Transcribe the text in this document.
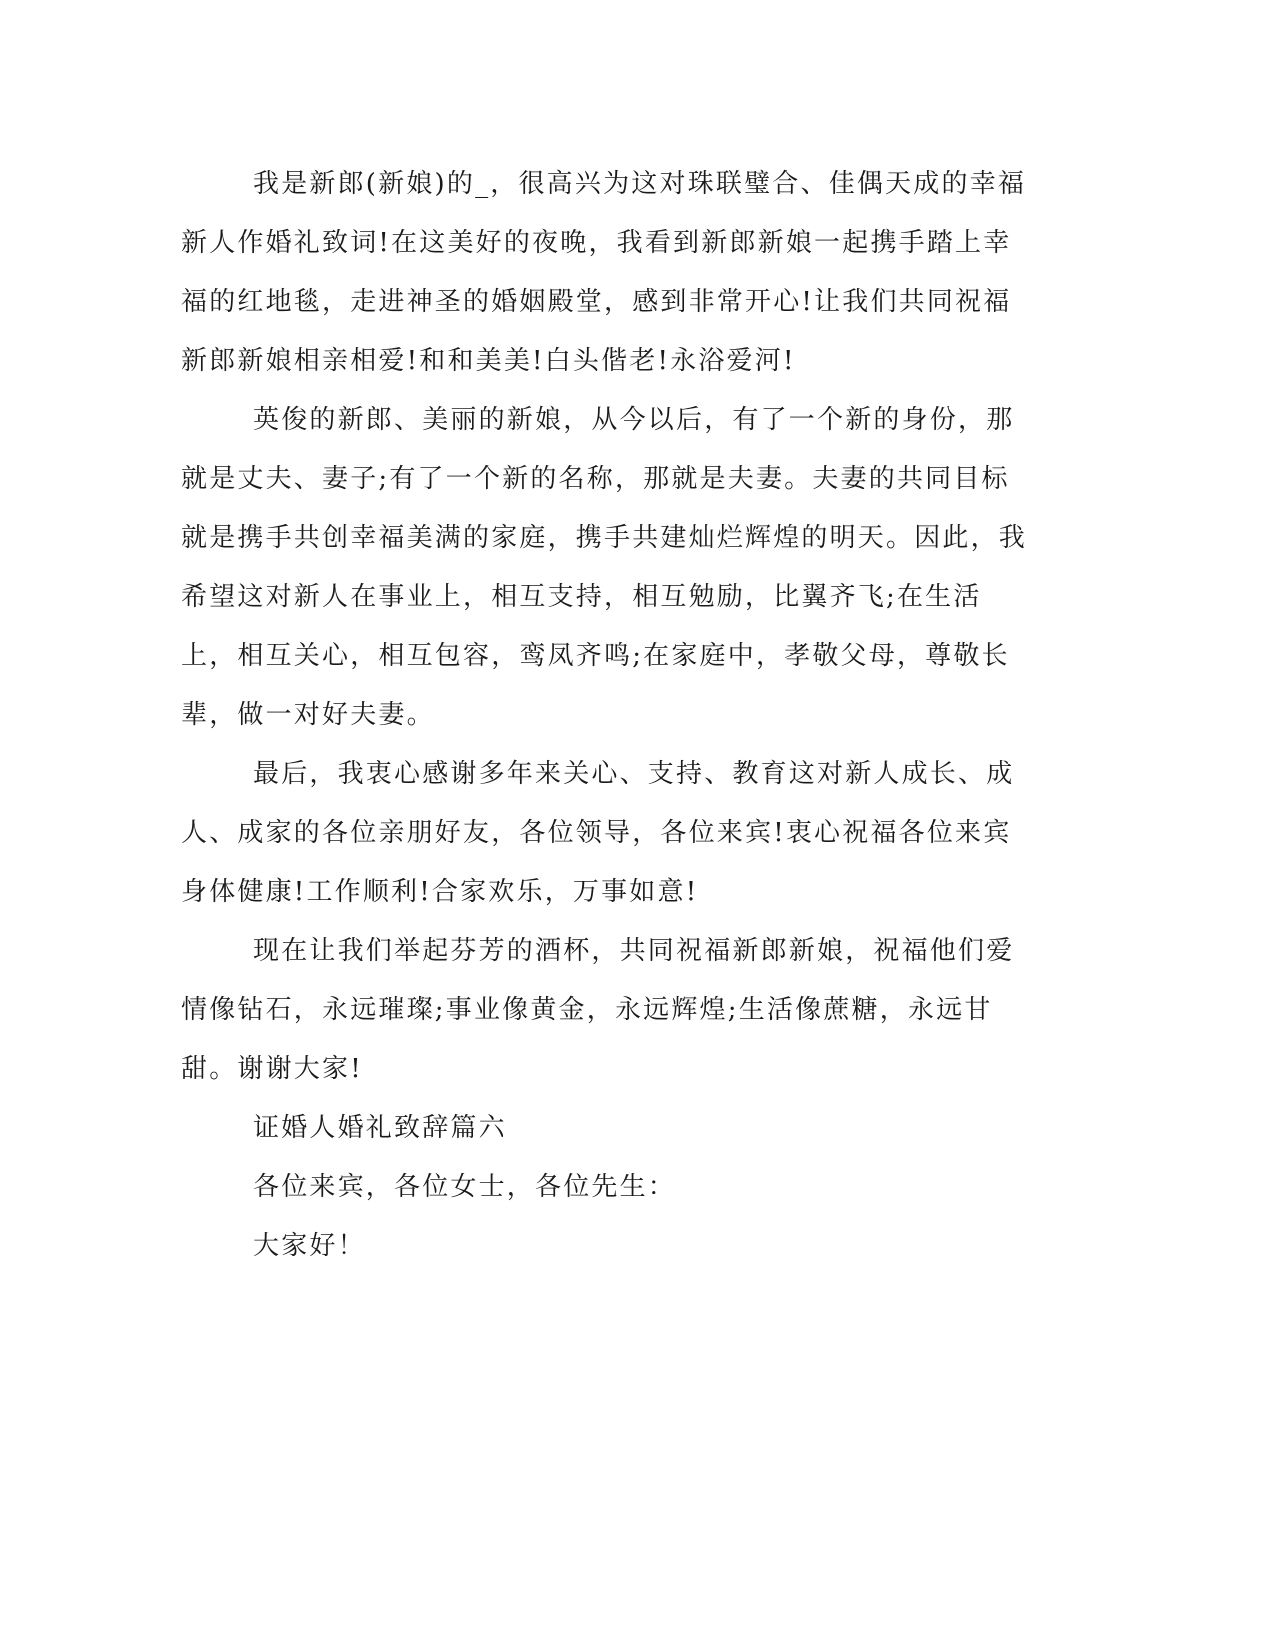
我是新郎(新娘)的_，很高兴为这对珠联璧合、佳偶天成的幸福新人作婚礼致词!在这美好的夜晚，我看到新郎新娘一起携手踏上幸福的红地毯，走进神圣的婚姻殿堂，感到非常开心!让我们共同祝福新郎新娘相亲相爱!和和美美!白头偕老!永浴爱河!

英俊的新郎、美丽的新娘，从今以后，有了一个新的身份，那就是丈夫、妻子;有了一个新的名称，那就是夫妻。夫妻的共同目标就是携手共创幸福美满的家庭，携手共建灿烂辉煌的明天。因此，我希望这对新人在事业上，相互支持，相互勉励，比翼齐飞;在生活上，相互关心，相互包容，鸾凤齐鸣;在家庭中，孝敬父母，尊敬长辈，做一对好夫妻。

最后，我衷心感谢多年来关心、支持、教育这对新人成长、成人、成家的各位亲朋好友，各位领导，各位来宾!衷心祝福各位来宾身体健康!工作顺利!合家欢乐，万事如意!

现在让我们举起芬芳的酒杯，共同祝福新郎新娘，祝福他们爱情像钻石，永远璀璨;事业像黄金，永远辉煌;生活像蔗糖，永远甘甜。谢谢大家!

证婚人婚礼致辞篇六

各位来宾，各位女士，各位先生：

大家好！
